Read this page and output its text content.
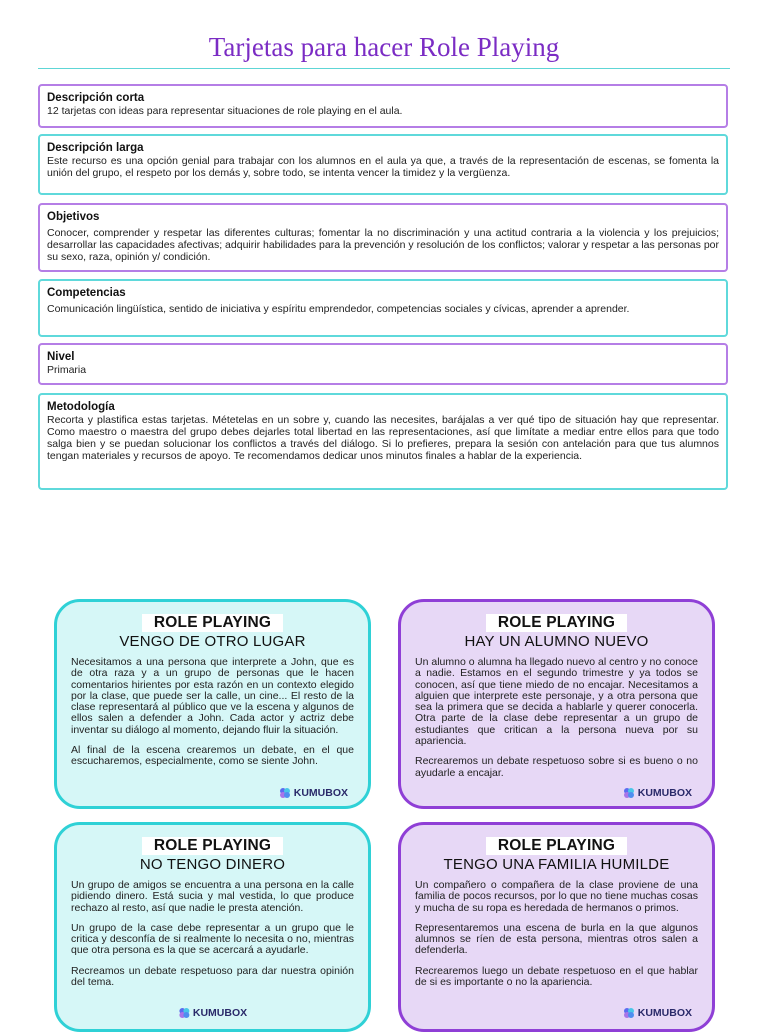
Tarjetas para hacer Role Playing
Descripción corta

12 tarjetas con ideas para representar situaciones de role playing en el aula.

Descripción larga

Este recurso es una opción genial para trabajar con los alumnos en el aula ya que, a través de la representación de escenas, se fomenta la unión del grupo, el respeto por los demás y, sobre todo, se intenta vencer la timidez y la vergüenza.

Objetivos

Conocer, comprender y respetar las diferentes culturas; fomentar la no discriminación y una actitud contraria a la violencia y los prejuicios; desarrollar las capacidades afectivas; adquirir habilidades para la prevención y resolución de los conflictos; valorar y respetar a las personas por su sexo, raza, opinión y/ condición.

Competencias

Comunicación lingüística, sentido de iniciativa y espíritu emprendedor, competencias sociales y cívicas, aprender a aprender.

Nivel

Primaria

Metodología

Recorta y plastifica estas tarjetas. Métetelas en un sobre y, cuando las necesites, barájalas a ver qué tipo de situación hay que representar. Como maestro o maestra del grupo debes dejarles total libertad en las representaciones, así que limítate a mediar entre ellos para que todo salga bien y se puedan solucionar los conflictos a través del diálogo. Si lo prefieres, prepara la sesión con antelación para que tus alumnos tengan materiales y recursos de apoyo. Te recomendamos dedicar unos minutos finales a hablar de la experiencia.

ROLE PLAYING
VENGO DE OTRO LUGAR

Necesitamos a una persona que interprete a John, que es de otra raza y a un grupo de personas que le hacen comentarios hirientes por esta razón en un contexto elegido por la clase, que puede ser la calle, un cine... El resto de la clase representará al público que ve la escena y algunos de ellos salen a defender a John. Cada actor y actriz debe inventar su diálogo al momento, dejando fluir la situación.

Al final de la escena crearemos un debate, en el que escucharemos, especialmente, como se siente John.

KUMUBOX
ROLE PLAYING
HAY UN ALUMNO NUEVO

Un alumno o alumna ha llegado nuevo al centro y no conoce a nadie. Estamos en el segundo trimestre y ya todos se conocen, así que tiene miedo de no encajar. Necesitamos a alguien que interprete este personaje, y a otra persona que sea la primera que se decida a hablarle y querer conocerla. Otra parte de la clase debe representar a un grupo de estudiantes que critican a la persona nueva por su apariencia.

Recrearemos un debate respetuoso sobre si es bueno o no ayudarle a encajar.

KUMUBOX
ROLE PLAYING
NO TENGO DINERO

Un grupo de amigos se encuentra a una persona en la calle pidiendo dinero. Está sucia y mal vestida, lo que produce rechazo al resto, así que nadie le presta atención.

Un grupo de la case debe representar a un grupo que le critica y desconfía de si realmente lo necesita o no, mientras que otra persona es la que se acercará a ayudarle.

Recreamos un debate respetuoso para dar nuestra opinión del tema.

KUMUBOX
ROLE PLAYING
TENGO UNA FAMILIA HUMILDE

Un compañero o compañera de la clase proviene de una familia de pocos recursos, por lo que no tiene muchas cosas y mucha de su ropa es heredada de hermanos o primos.

Representaremos una escena de burla en la que algunos alumnos se ríen de esta persona, mientras otros salen a defenderla.

Recrearemos luego un debate respetuoso en el que hablar de si es importante o no la apariencia.

KUMUBOX
